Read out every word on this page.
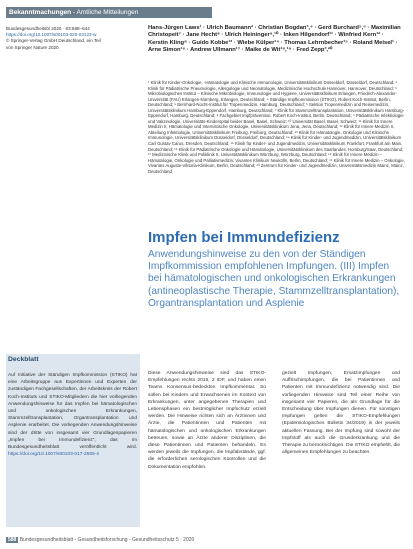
Bekanntmachungen - Amtliche Mitteilungen
Bundesgesundheitsbl 2020 · 63:588–644
https://doi.org/10.1007/s00103-020-03123-w
© Springer-Verlag GmbH Deutschland, ein Teil
von Springer Nature 2020
Hans-Jürgen Laws¹ · Ulrich Baumann² · Christian Bogdan³,⁴ · Gerd Burchard⁵,⁶ · Maximilian Christopeit⁷ · Jane Hecht⁸ · Ulrich Heininger⁹,¹⁰ · Inken Hilgendorf¹¹ · Winfried Kern¹² · Kerstin Kling⁸ · Guido Kobbe¹³ · Wiebe Külper¹⁴ · Thomas Lehrnbecher¹⁵ · Roland Meisel¹ · Arne Simon¹⁶ · Andrew Ullmann¹⁷ · Maike de Wit¹⁸,¹⁹ · Fred Zepp³,²⁰

¹ Klinik für Kinder-Onkologie, -Hämatologie und Klinische Immunologie, Universitätsklinikum Düsseldorf, Düsseldorf, Deutschland; ² Klinik für Pädiatrische Pneumologie, Allergologie und Neonatologie, Medizinische Hochschule Hannover, Hannover, Deutschland; ³ Mikrobiologisches Institut – Klinische Mikrobiologie, Immunologie und Hygiene, Universitätsklinikum Erlangen, Friedrich-Alexander-Universität (FAU) Erlangen-Nürnberg, Erlangen, Deutschland; ⁴ Ständige Impfkommission (STIKO), Robert Koch-Institut, Berlin,

Deutschland; ⁵ Bernhard-Nocht-Institut für Tropenmedizin, Hamburg, Deutschland; ⁶ Sektion Tropenmedizin und Reisemedizin, Universitätsklinikum Hamburg-Eppendorf, Hamburg, Deutschland; ⁷ Klinik für Stammzelltransplantation, Universitätsklinikum Hamburg-Eppendorf, Hamburg, Deutschland; ⁸ Fachgebiet Impfprävention, Robert Koch-Institut, Berlin, Deutschland; ⁹ Pädiatrische Infektiologie und Vakzinologie, Universitäts-Kinderspital beider Basel, Basel, Schweiz; ¹⁰ Universität Basel, Basel, Schweiz; ¹¹ Klinik für Innere Medizin II, Hämatologie und Internistische Onkologie, Universitätsklinikum Jena, Jena, Deutschland; ¹² Klinik für Innere Medizin II, Abteilung Infektiologie, Universitätsklinikum Freiburg, Freiburg, Deutschland; ¹³ Klinik für Hämatologie, Onkologie und Klinische Immunologie, Universitätsklinikum Düsseldorf, Düsseldorf, Deutschland; ¹⁴ Klinik für Kinder- und Jugendmedizin, Universitätsklinikum Carl Gustav Carus, Dresden, Deutschland; ¹⁵ Klinik für Kinder- und Jugendmedizin, Universitätsklinikum Frankfurt, Frankfurt am Main, Deutschland; ¹⁶ Klinik für Pädiatrische Onkologie und Hämatologie, Universitätsklinikum des Saarlandes, Homburg/Saar, Deutschland; ¹⁷ Medizinische Klinik und Poliklinik II, Universitätsklinikum Würzburg, Würzburg, Deutschland; ¹⁸ Klinik für Innere Medizin – Hämatologie, Onkologie und Palliativmedizin, Vivantes Klinikum Neukölln, Berlin, Deutschland; ¹⁹ Klinik für Innere Medizin – Onkologie, Vivantes Auguste-Viktoria-Klinikum, Berlin, Deutschland; ²⁰ Zentrum für Kinder- und Jugendmedizin, Universitätsmedizin Mainz, Mainz, Deutschland

Impfen bei Immundefizienz
Anwendungshinweise zu den von der Ständigen Impfkommission empfohlenen Impfungen. (III) Impfen bei hämatologischen und onkologischen Erkrankungen (antineoplastische Therapie, Stammzelltransplantation), Organtransplantation und Asplenie
Deckblatt
Auf Initiative der Ständigen Impfkommission (STIKO) hat eine Arbeitsgruppe aus Expertinnen und Experten der zuständigen Fachgesellschaften, der Arbeitskreis der Robert Koch-Instituts und STIKO-Mitgliedern die hier vorliegenden Anwendungshinweise für das Impfen bei hämatologischen und onkologischen Erkrankungen, Stammzelltransplantation, Organtransplantation und Asplenie erarbeitet. Die vorliegenden Anwendungshinweise sind der dritte von insgesamt vier Grundlagenpapieren „Impfen bei Immundefizienz“, das im Bundesgesundheitsblatt veröffentlicht wird. https://doi.org/10.1007/s00103-017-2555-4
Diese Anwendungshinweise sind das STIKO-Empfehlungen rechts 2016, 2 IDF, und haben einen Teams Konsensus-bedeckten Impfkommentar. So sollen bei Kindern und Erwachsenen im Kontext von Erkrankungen, unter angegebenen Therapien und Lebensphasen ein bestmöglicher Impfschutz erzielt werden. Die Hinweise richten sich an Ärztinnen und Ärzte, die Patientinnen und Patienten mit hämatologischen und onkologischen Erkrankungen betreuen, sowie an Ärzte anderer Disziplinen, die diese Patientinnen und Patienten behandeln. Es werden jeweils die Impfungen, die Impfabstände, ggf. die erforderlichen serologischen Kontrollen und die Dokumentation empfohlen.
gezielt Impfungen, Ersatzimpfungen und Auffrischimpfungen, die bei Patientinnen und Patienten mit Immundefizienz notwendig sind. Die vorliegenden Hinweise sind Teil einer Reihe von insgesamt vier Papieren, die als Grundlage für die Entscheidung über Impfungen dienen. Für sonstigen Impfungen gelten die STIKO-Empfehlungen (Epidemiologisches Bulletin 34/2019) in der jeweils aktuellen Fassung. Bei der Impfung sind sowohl der Impfstoff als auch die Grunderkrankung und die Therapie zu berücksichtigen. Die STIKO empfiehlt, die allgemeinen Empfehlungen zu beachten.
588 Bundesgesundheitsblatt - Gesundheitsforschung - Gesundheitsschutz 5 · 2020
